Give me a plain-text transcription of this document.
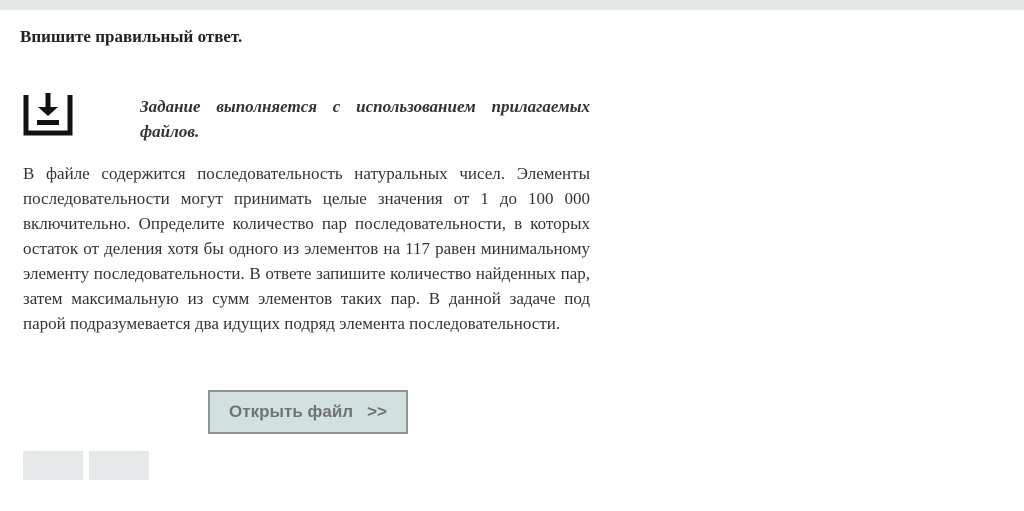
Впишите правильный ответ.
Задание выполняется с использованием прилагаемых файлов.
В файле содержится последовательность натуральных чисел. Элементы последовательности могут принимать целые значения от 1 до 100 000 включительно. Определите количество пар последовательности, в которых остаток от деления хотя бы одного из элементов на 117 равен минимальному элементу последовательности. В ответе запишите количество найденных пар, затем максимальную из сумм элементов таких пар. В данной задаче под парой подразумевается два идущих подряд элемента последовательности.
Открыть файл >>
